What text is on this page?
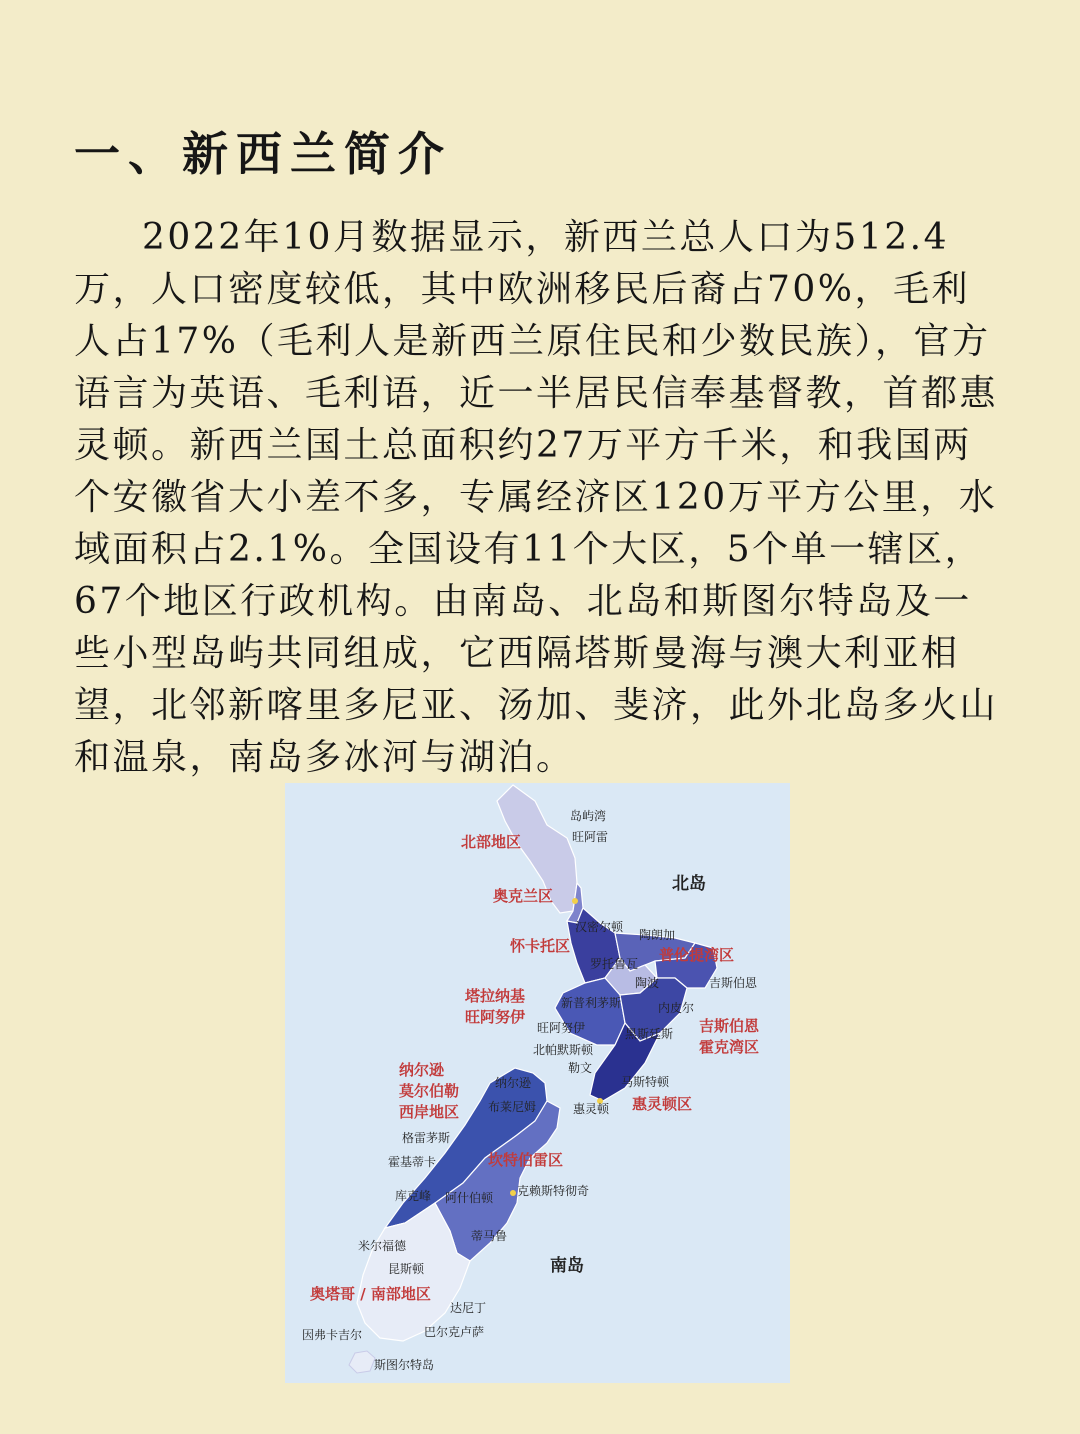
一、新西兰简介

2022年10月数据显示，新西兰总人口为512.4万，人口密度较低，其中欧洲移民后裔占70%，毛利人占17%（毛利人是新西兰原住民和少数民族），官方语言为英语、毛利语，近一半居民信奉基督教，首都惠灵顿。新西兰国土总面积约27万平方千米，和我国两个安徽省大小差不多，专属经济区120万平方公里，水域面积占2.1%。全国设有11个大区，5个单一辖区，67个地区行政机构。由南岛、北岛和斯图尔特岛及一些小型岛屿共同组成，它西隔塔斯曼海与澳大利亚相望，北邻新喀里多尼亚、汤加、斐济，此外北岛多火山和温泉，南岛多冰河与湖泊。

北岛
南岛
北部地区
奥克兰区
怀卡托区	普伦提湾区
塔拉纳基
旺阿努伊	吉斯伯恩
霍克湾区
纳尔逊
莫尔伯勒
西岸地区	惠灵顿区
坎特伯雷区
奥塔哥 / 南部地区
岛屿湾
旺阿雷
汉密尔顿
陶朗加
罗托鲁瓦
陶波	吉斯伯恩
新普利茅斯	内皮尔
旺阿努伊	黑斯廷斯
北帕默斯顿
勒文
纳尔逊	马斯特顿
布莱尼姆	惠灵顿
格雷茅斯
霍基蒂卡
克赖斯特彻奇
阿什伯顿
库克峰
蒂马鲁
米尔福德
昆斯顿
达尼丁
巴尔克卢萨
因弗卡吉尔
斯图尔特岛
